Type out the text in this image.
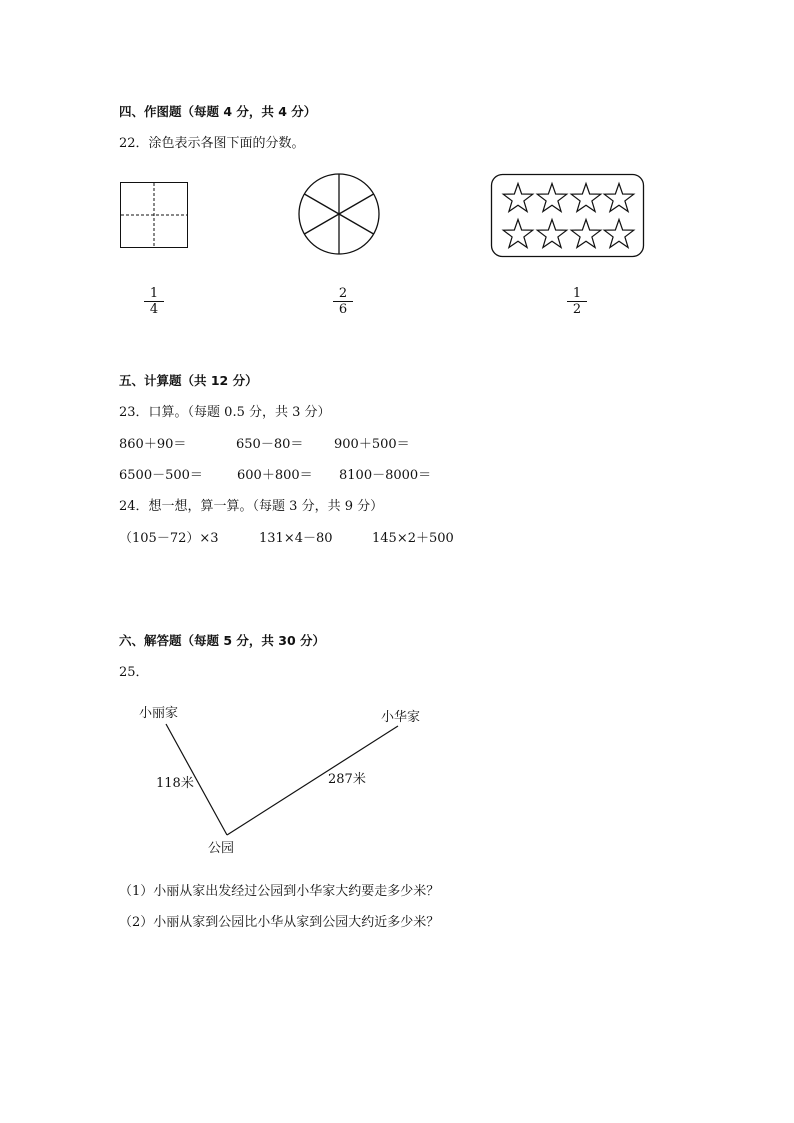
四、作图题（每题 4 分，共 4 分）
22．涂色表示各图下面的分数。
1
4
2
6
1
2
五、计算题（共 12 分）
23．口算。（每题 0.5 分，共 3 分）
860＋90＝	650－80＝ 900＋500＝
6500－500＝	600＋800＝ 8100－8000＝
24．想一想，算一算。（每题 3 分，共 9 分）
（105－72）×3	131×4－80	145×2＋500
六、解答题（每题 5 分，共 30 分）
25．
小丽家	小华家
118米	287米
公园
（1）小丽从家出发经过公园到小华家大约要走多少米？
（2）小丽从家到公园比小华从家到公园大约近多少米？
